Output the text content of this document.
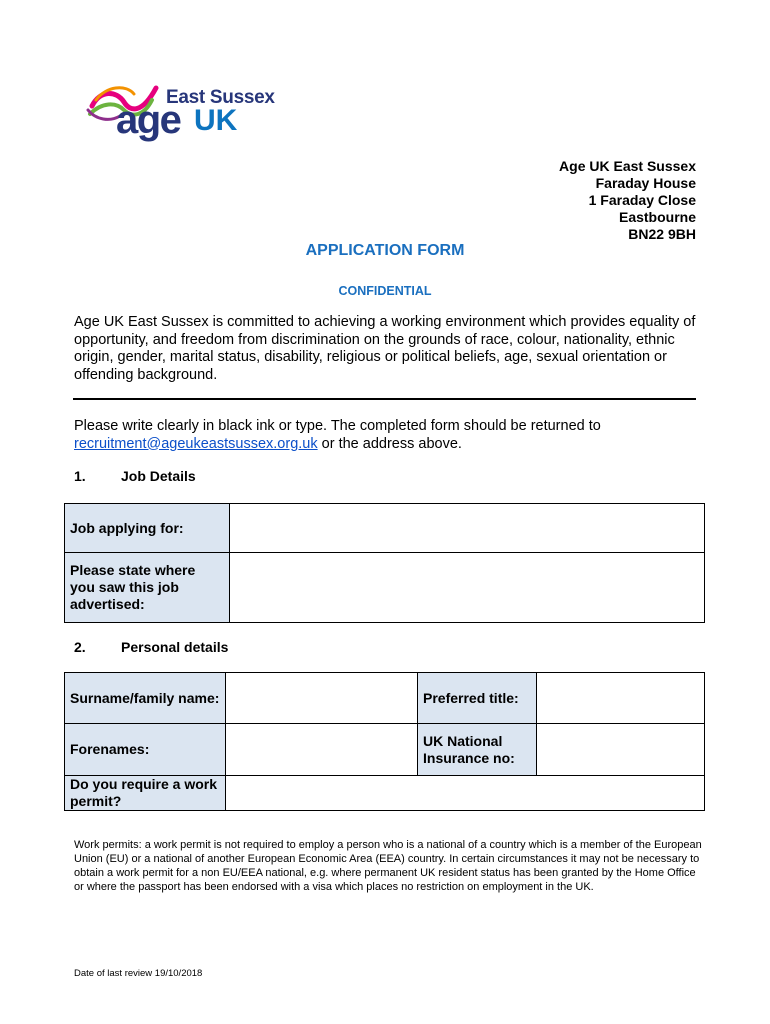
East Sussex
age UK
Age UK East Sussex
Faraday House
1 Faraday Close
Eastbourne
BN22 9BH
APPLICATION FORM
CONFIDENTIAL
Age UK East Sussex is committed to achieving a working environment which provides equality of opportunity, and freedom from discrimination on the grounds of race, colour, nationality, ethnic origin, gender, marital status, disability, religious or political beliefs, age, sexual orientation or offending background.
Please write clearly in black ink or type. The completed form should be returned to recruitment@ageukeastsussex.org.uk or the address above.
1.	Job Details
Job applying for:	
Please state where you saw this job advertised:	
2.	Personal details
Surname/family name:		Preferred title:	
Forenames:		UK National Insurance no:	
Do you require a work permit?			
Work permits: a work permit is not required to employ a person who is a national of a country which is a member of the European Union (EU) or a national of another European Economic Area (EEA) country. In certain circumstances it may not be necessary to obtain a work permit for a non EU/EEA national, e.g. where permanent UK resident status has been granted by the Home Office or where the passport has been endorsed with a visa which places no restriction on employment in the UK.
Date of last review 19/10/2018
